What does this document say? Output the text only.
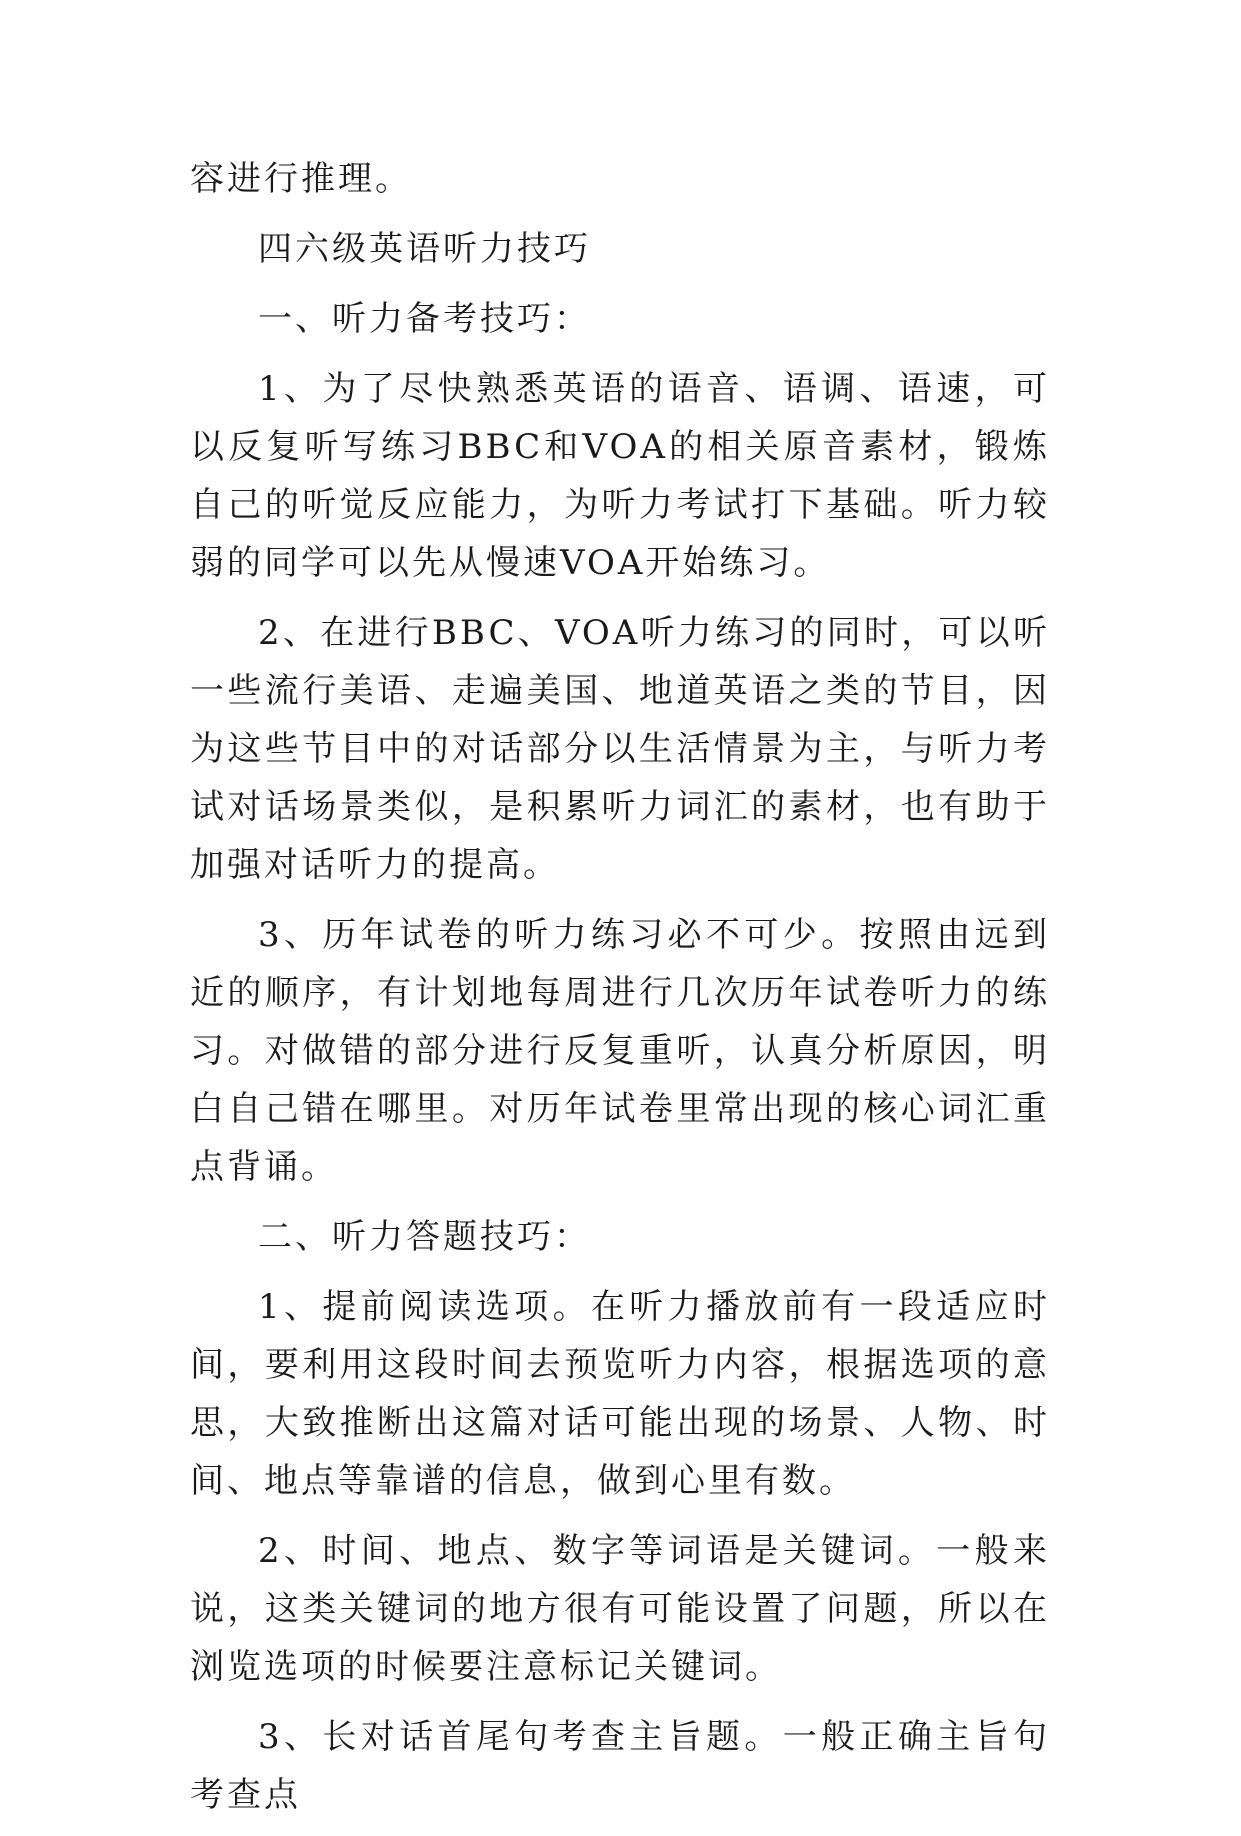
容进行推理。

四六级英语听力技巧

一、听力备考技巧：

1、为了尽快熟悉英语的语音、语调、语速，可以反复听写练习BBC和VOA的相关原音素材，锻炼自己的听觉反应能力，为听力考试打下基础。听力较弱的同学可以先从慢速VOA开始练习。

2、在进行BBC、VOA听力练习的同时，可以听一些流行美语、走遍美国、地道英语之类的节目，因为这些节目中的对话部分以生活情景为主，与听力考试对话场景类似，是积累听力词汇的素材，也有助于加强对话听力的提高。

3、历年试卷的听力练习必不可少。按照由远到近的顺序，有计划地每周进行几次历年试卷听力的练习。对做错的部分进行反复重听，认真分析原因，明白自己错在哪里。对历年试卷里常出现的核心词汇重点背诵。

二、听力答题技巧：

1、提前阅读选项。在听力播放前有一段适应时间，要利用这段时间去预览听力内容，根据选项的意思，大致推断出这篇对话可能出现的场景、人物、时间、地点等靠谱的信息，做到心里有数。

2、时间、地点、数字等词语是关键词。一般来说，这类关键词的地方很有可能设置了问题，所以在浏览选项的时候要注意标记关键词。

3、长对话首尾句考查主旨题。一般正确主旨句考查点
